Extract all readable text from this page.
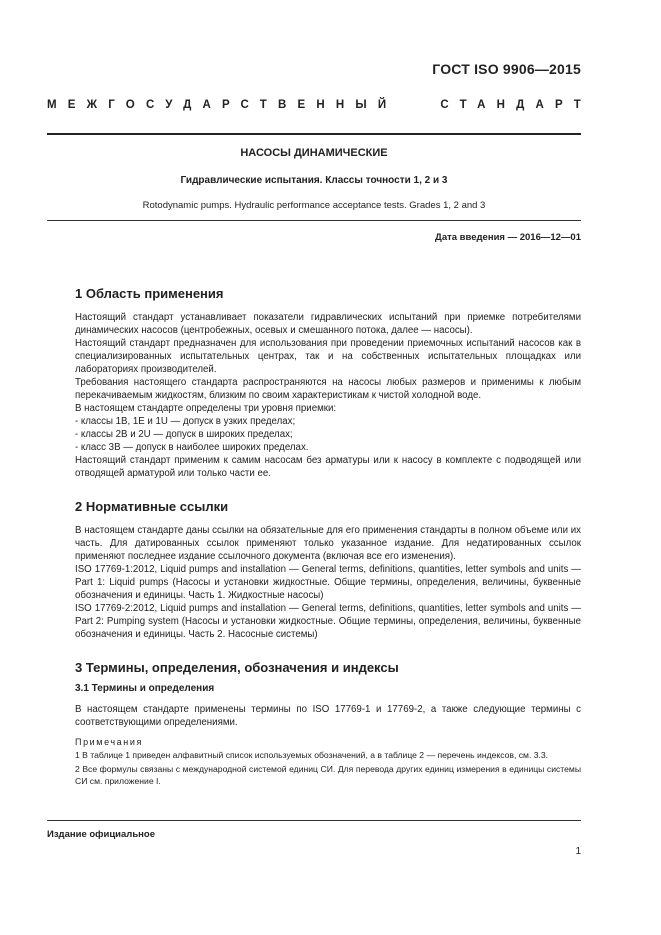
ГОСТ ISO 9906—2015
МЕЖГОСУДАРСТВЕННЫЙ	СТАНДАРТ
НАСОСЫ ДИНАМИЧЕСКИЕ
Гидравлические испытания. Классы точности 1, 2 и 3
Rotodynamic pumps. Hydraulic performance acceptance tests. Grades 1, 2 and 3
Дата введения — 2016—12—01
1 Область применения

Настоящий стандарт устанавливает показатели гидравлических испытаний при приемке потребителями динамических насосов (центробежных, осевых и смешанного потока, далее — насосы).

Настоящий стандарт предназначен для использования при проведении приемочных испытаний насосов как в специализированных испытательных центрах, так и на собственных испытательных площадках или лабораториях производителей.

Требования настоящего стандарта распространяются на насосы любых размеров и применимы к любым перекачиваемым жидкостям, близким по своим характеристикам к чистой холодной воде.

В настоящем стандарте определены три уровня приемки:

- классы 1B, 1E и 1U — допуск в узких пределах;

- классы 2B и 2U — допуск в широких пределах;

- класс 3B — допуск в наиболее широких пределах.

Настоящий стандарт применим к самим насосам без арматуры или к насосу в комплекте с подводящей или отводящей арматурой или только части ее.

2 Нормативные ссылки

В настоящем стандарте даны ссылки на обязательные для его применения стандарты в полном объеме или их часть. Для датированных ссылок применяют только указанное издание. Для недатированных ссылок применяют последнее издание ссылочного документа (включая все его изменения).

ISO 17769-1:2012, Liquid pumps and installation — General terms, definitions, quantities, letter symbols and units — Part 1: Liquid pumps (Насосы и установки жидкостные. Общие термины, определения, величины, буквенные обозначения и единицы. Часть 1. Жидкостные насосы)

ISO 17769-2:2012, Liquid pumps and installation — General terms, definitions, quantities, letter symbols and units — Part 2: Pumping system (Насосы и установки жидкостные. Общие термины, определения, величины, буквенные обозначения и единицы. Часть 2. Насосные системы)

3 Термины, определения, обозначения и индексы
3.1 Термины и определения

В настоящем стандарте применены термины по ISO 17769-1 и 17769-2, а также следующие термины с соответствующими определениями.

Примечания

1 В таблице 1 приведен алфавитный список используемых обозначений, а в таблице 2 — перечень индексов, см. 3.3.

2 Все формулы связаны с международной системой единиц СИ. Для перевода других единиц измерения в единицы системы СИ см. приложение I.

Издание официальное
1
